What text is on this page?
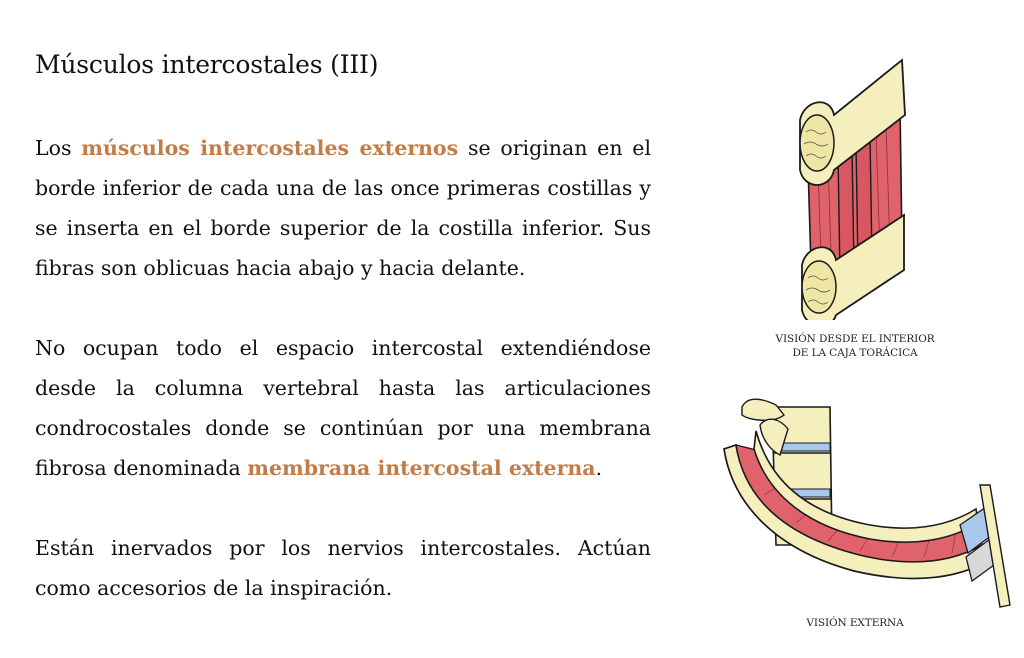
Músculos intercostales (III)

Los músculos intercostales externos se originan en el borde inferior de cada una de las once primeras costillas y se inserta en el borde superior de la costilla inferior. Sus fibras son oblicuas hacia abajo y hacia delante.

No ocupan todo el espacio intercostal extendiéndose desde la columna vertebral hasta las articulaciones condrocostales donde se continúan por una membrana fibrosa denominada membrana intercostal externa.

Están inervados por los nervios intercostales. Actúan como accesorios de la inspiración.

VISIÓN DESDE EL INTERIOR
DE LA CAJA TORÁCICA
VISIÓN EXTERNA
